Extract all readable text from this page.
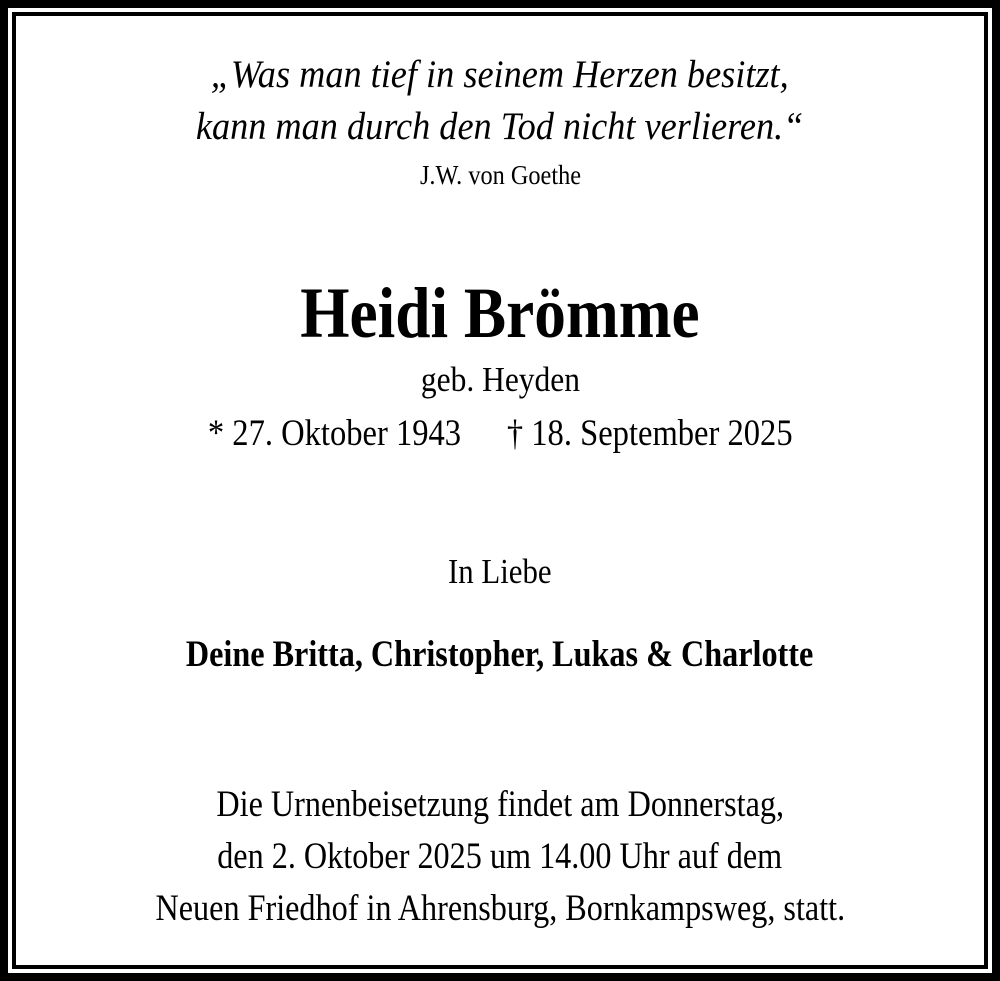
„Was man tief in seinem Herzen besitzt,
kann man durch den Tod nicht verlieren.“
J.W. von Goethe
Heidi Brömme
geb. Heyden
* 27. Oktober 1943 † 18. September 2025
In Liebe
Deine Britta, Christopher, Lukas & Charlotte
Die Urnenbeisetzung findet am Donnerstag,
den 2. Oktober 2025 um 14.00 Uhr auf dem
Neuen Friedhof in Ahrensburg, Bornkampsweg, statt.
